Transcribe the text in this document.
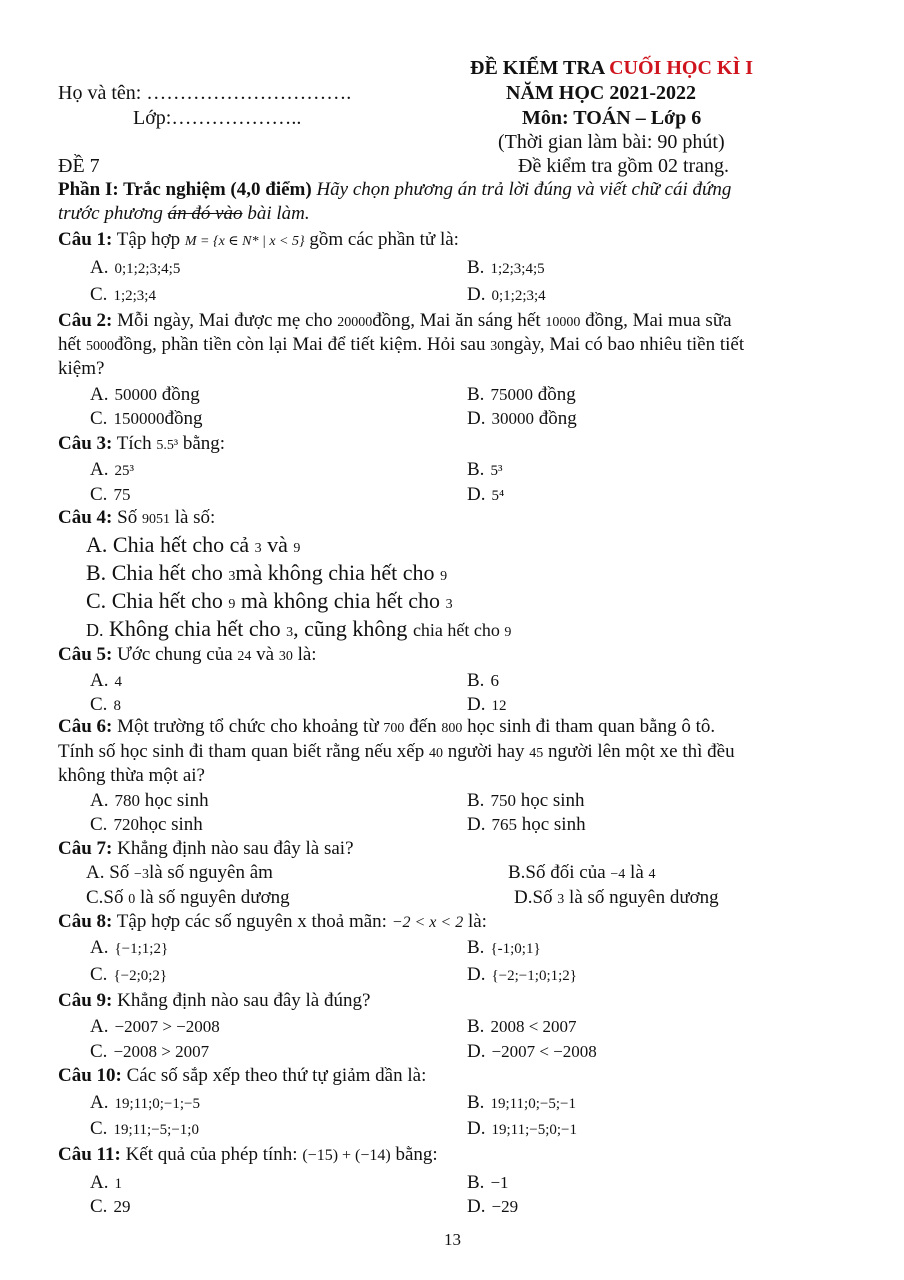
ĐỀ KIỂM TRA CUỐI HỌC KÌ I
Họ và tên: ………………………….	NĂM HỌC 2021-2022
Lớp:………………..	Môn: TOÁN – Lớp 6
(Thời gian làm bài: 90 phút)
ĐỀ 7	Đề kiểm tra gồm 02 trang.
Phần I: Trắc nghiệm (4,0 điểm) Hãy chọn phương án trả lời đúng và viết chữ cái đứng
trước phương án đó vào bài làm.
Câu 1: Tập hợp M = {x ∈ N* | x < 5} gồm các phần tử là:
A. 0;1;2;3;4;5	B. 1;2;3;4;5
C. 1;2;3;4	D. 0;1;2;3;4
Câu 2: Mỗi ngày, Mai được mẹ cho 20000đồng, Mai ăn sáng hết 10000 đồng, Mai mua sữa
hết 5000đồng, phần tiền còn lại Mai để tiết kiệm. Hỏi sau 30ngày, Mai có bao nhiêu tiền tiết
kiệm?
A. 50000 đồng	B. 75000 đồng
C. 150000đồng	D. 30000 đồng
Câu 3: Tích 5.5³ bằng:
A. 25³	B. 5³
C. 75	D. 5⁴
Câu 4: Số 9051 là số:
A. Chia hết cho cả 3 và 9
B. Chia hết cho 3mà không chia hết cho 9
C. Chia hết cho 9 mà không chia hết cho 3
D. Không chia hết cho 3, cũng không chia hết cho 9
Câu 5: Ước chung của 24 và 30 là:
A. 4	B. 6
C. 8	D. 12
Câu 6: Một trường tổ chức cho khoảng từ 700 đến 800 học sinh đi tham quan bằng ô tô.
Tính số học sinh đi tham quan biết rằng nếu xếp 40 người hay 45 người lên một xe thì đều
không thừa một ai?
A. 780 học sinh	B. 750 học sinh
C. 720học sinh	D. 765 học sinh
Câu 7: Khẳng định nào sau đây là sai?
A. Số −3là số nguyên âm	B.Số đối của −4 là 4
C.Số 0 là số nguyên dương	D.Số 3 là số nguyên dương
Câu 8: Tập hợp các số nguyên x thoả mãn: −2 < x < 2 là:
A. {−1;1;2}	B. {-1;0;1}
C. {−2;0;2}	D. {−2;−1;0;1;2}
Câu 9: Khẳng định nào sau đây là đúng?
A. −2007 > −2008	B. 2008 < 2007
C. −2008 > 2007	D. −2007 < −2008
Câu 10: Các số sắp xếp theo thứ tự giảm dần là:
A. 19;11;0;−1;−5	B. 19;11;0;−5;−1
C. 19;11;−5;−1;0	D. 19;11;−5;0;−1
Câu 11: Kết quả của phép tính: (−15) + (−14) bằng:
A. 1	B. −1
C. 29	D. −29
13
